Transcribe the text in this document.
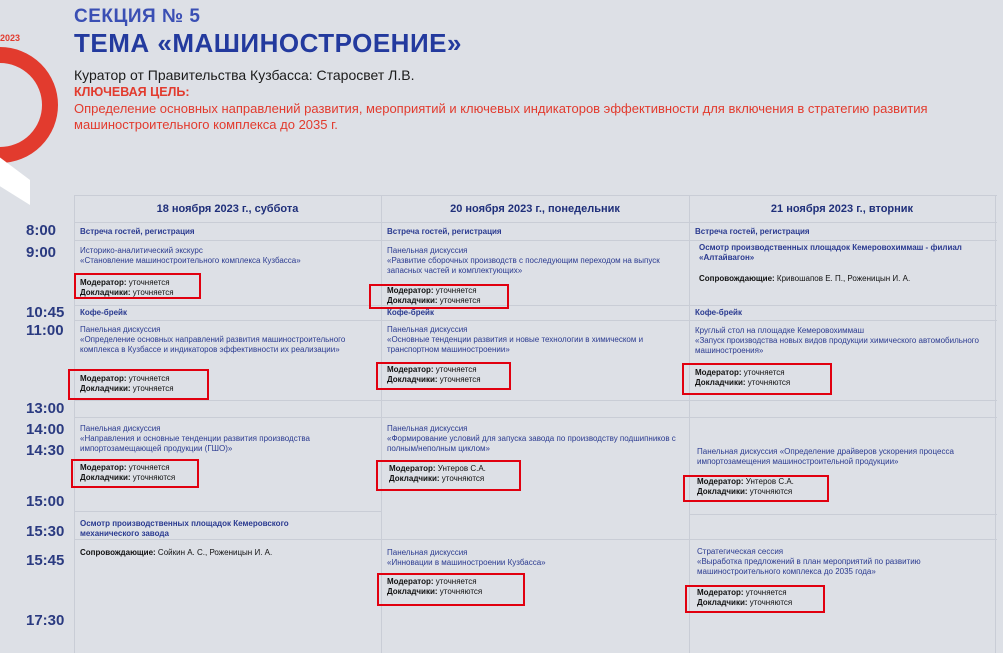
2023
СЕКЦИЯ № 5
ТЕМА «МАШИНОСТРОЕНИЕ»
Куратор от Правительства Кузбасса: Старосвет Л.В.
КЛЮЧЕВАЯ ЦЕЛЬ:
Определение основных направлений развития, мероприятий и ключевых индикаторов эффективности для включения в стратегию развития машиностроительного комплекса до 2035 г.
8:00
9:00
10:45
11:00
13:00
14:00
14:30
15:00
15:30
15:45
17:30
18 ноября 2023 г., суббота	20 ноября 2023 г., понедельник	21 ноября 2023 г., вторник
Встреча гостей, регистрация
Историко-аналитический экскурс
«Становление машиностроительного комплекса Кузбасса»
Модератор: уточняется
Докладчики: уточняется
Кофе-брейк
Панельная дискуссия
«Определение основных направлений развития машиностроительного комплекса в Кузбассе и индикаторов эффективности их реализации»
Модератор: уточняется
Докладчики: уточняется
Панельная дискуссия
«Направления и основные тенденции развития производства импортозамещающей продукции (ГШО)»
Модератор: уточняется
Докладчики: уточняются
Осмотр производственных площадок Кемеровского механического завода
Сопровождающие: Сойкин А. С., Роженицын И. А.
Встреча гостей, регистрация
Панельная дискуссия
«Развитие сборочных производств с последующим переходом на выпуск запасных частей и комплектующих»
Модератор: уточняется
Докладчики: уточняется
Кофе-брейк
Панельная дискуссия
«Основные тенденции развития и новые технологии в химическом и транспортном машиностроении»
Модератор: уточняется
Докладчики: уточняется
Панельная дискуссия
«Формирование условий для запуска завода по производству подшипников с полным/неполным циклом»
Модератор: Унтеров С.А.
Докладчики: уточняются
Панельная дискуссия
«Инновации в машиностроении Кузбасса»
Модератор: уточняется
Докладчики: уточняются
Встреча гостей, регистрация
Осмотр производственных площадок Кемеровохиммаш - филиал «Алтайвагон»
Сопровождающие: Кривошапов Е. П., Роженицын И. А.
Кофе-брейк
Круглый стол на площадке Кемеровохиммаш
«Запуск производства новых видов продукции химического автомобильного машиностроения»
Модератор: уточняется
Докладчики: уточняются
Панельная дискуссия «Определение драйверов ускорения процесса импортозамещения машиностроительной продукции»
Модератор: Унтеров С.А.
Докладчики: уточняются
Стратегическая сессия
«Выработка предложений в план мероприятий по развитию машиностроительного комплекса до 2035 года»
Модератор: уточняется
Докладчики: уточняются
